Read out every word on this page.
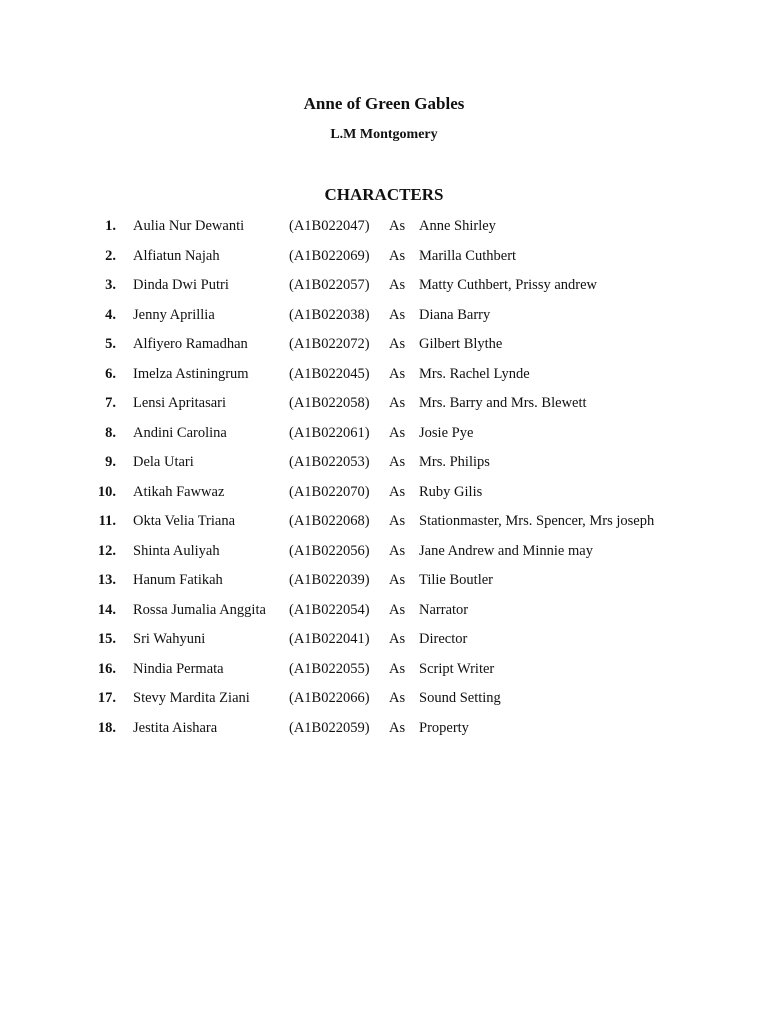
Anne of Green Gables
L.M Montgomery
CHARACTERS
1. Aulia Nur Dewanti	(A1B022047) As Anne Shirley
2. Alfiatun Najah	(A1B022069) As Marilla Cuthbert
3. Dinda Dwi Putri	(A1B022057) As Matty Cuthbert, Prissy andrew
4. Jenny Aprillia	(A1B022038) As Diana Barry
5. Alfiyero Ramadhan	(A1B022072) As Gilbert Blythe
6. Imelza Astiningrum	(A1B022045) As Mrs. Rachel Lynde
7. Lensi Apritasari	(A1B022058) As Mrs. Barry and Mrs. Blewett
8. Andini Carolina	(A1B022061) As Josie Pye
9. Dela Utari	(A1B022053) As Mrs. Philips
10. Atikah Fawwaz	(A1B022070) As Ruby Gilis
11. Okta Velia Triana	(A1B022068) As Stationmaster, Mrs. Spencer, Mrs joseph
12. Shinta Auliyah	(A1B022056) As Jane Andrew and Minnie may
13. Hanum Fatikah	(A1B022039) As Tilie Boutler
14. Rossa Jumalia Anggita (A1B022054) As Narrator
15. Sri Wahyuni	(A1B022041) As Director
16. Nindia Permata	(A1B022055) As Script Writer
17. Stevy Mardita Ziani	(A1B022066) As Sound Setting
18. Jestita Aishara	(A1B022059) As Property
